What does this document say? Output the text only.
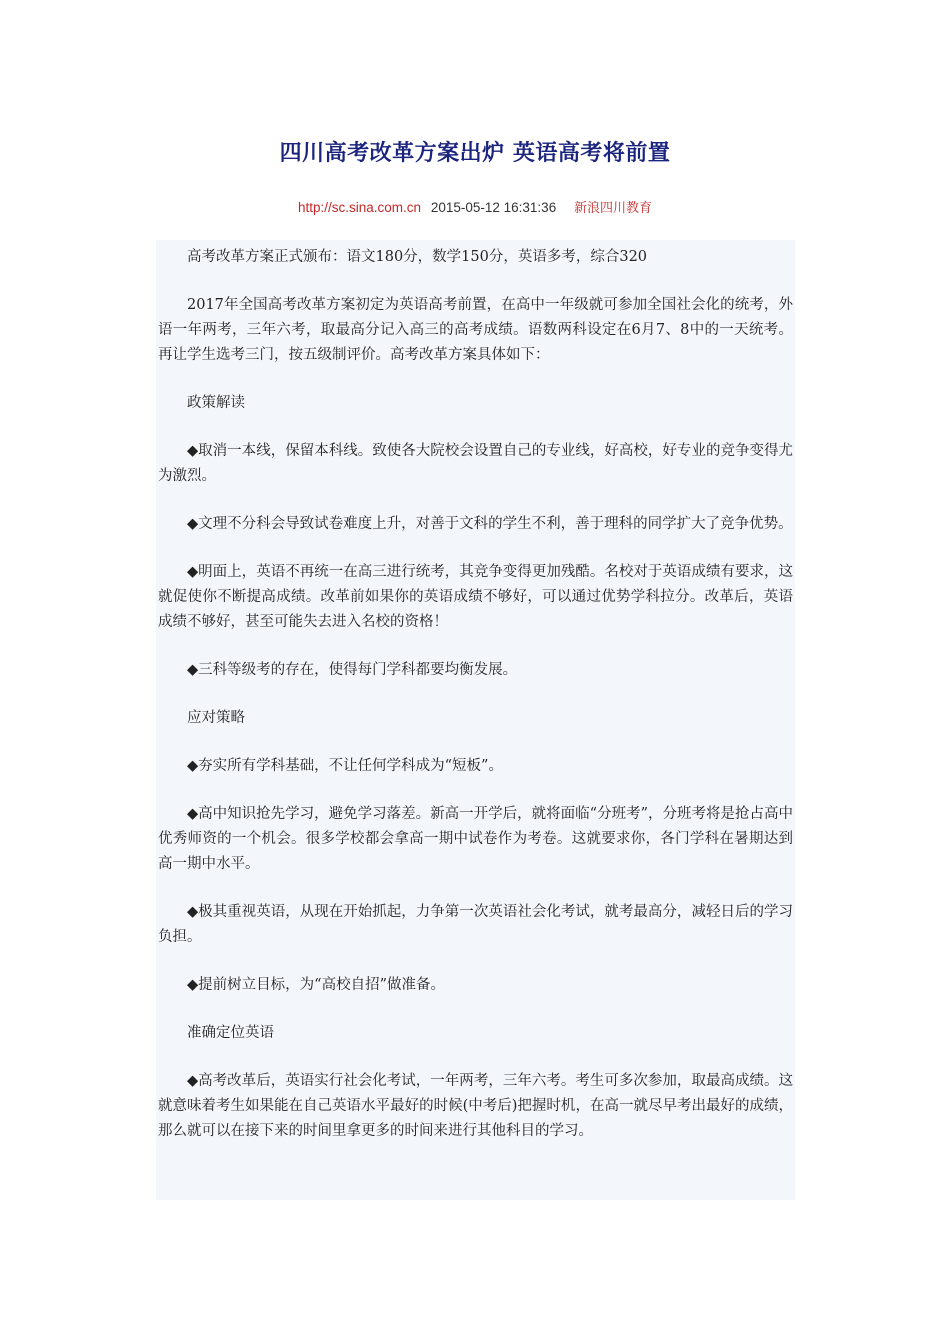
四川高考改革方案出炉 英语高考将前置
http://sc.sina.com.cn 2015-05-12 16:31:36 新浪四川教育

高考改革方案正式颁布：语文180分，数学150分，英语多考，综合320

2017年全国高考改革方案初定为英语高考前置，在高中一年级就可参加全国社会化的统考，外语一年两考，三年六考，取最高分记入高三的高考成绩。语数两科设定在6月7、8中的一天统考。再让学生选考三门，按五级制评价。高考改革方案具体如下：

政策解读

◆取消一本线，保留本科线。致使各大院校会设置自己的专业线，好高校，好专业的竞争变得尤为激烈。

◆文理不分科会导致试卷难度上升，对善于文科的学生不利，善于理科的同学扩大了竞争优势。

◆明面上，英语不再统一在高三进行统考，其竞争变得更加残酷。名校对于英语成绩有要求，这就促使你不断提高成绩。改革前如果你的英语成绩不够好，可以通过优势学科拉分。改革后，英语成绩不够好，甚至可能失去进入名校的资格！

◆三科等级考的存在，使得每门学科都要均衡发展。

应对策略

◆夯实所有学科基础，不让任何学科成为“短板”。

◆高中知识抢先学习，避免学习落差。新高一开学后，就将面临“分班考”，分班考将是抢占高中优秀师资的一个机会。很多学校都会拿高一期中试卷作为考卷。这就要求你，各门学科在暑期达到高一期中水平。

◆极其重视英语，从现在开始抓起，力争第一次英语社会化考试，就考最高分，减轻日后的学习负担。

◆提前树立目标，为“高校自招”做准备。

准确定位英语

◆高考改革后，英语实行社会化考试，一年两考，三年六考。考生可多次参加，取最高成绩。这就意味着考生如果能在自己英语水平最好的时候(中考后)把握时机，在高一就尽早考出最好的成绩，那么就可以在接下来的时间里拿更多的时间来进行其他科目的学习。
